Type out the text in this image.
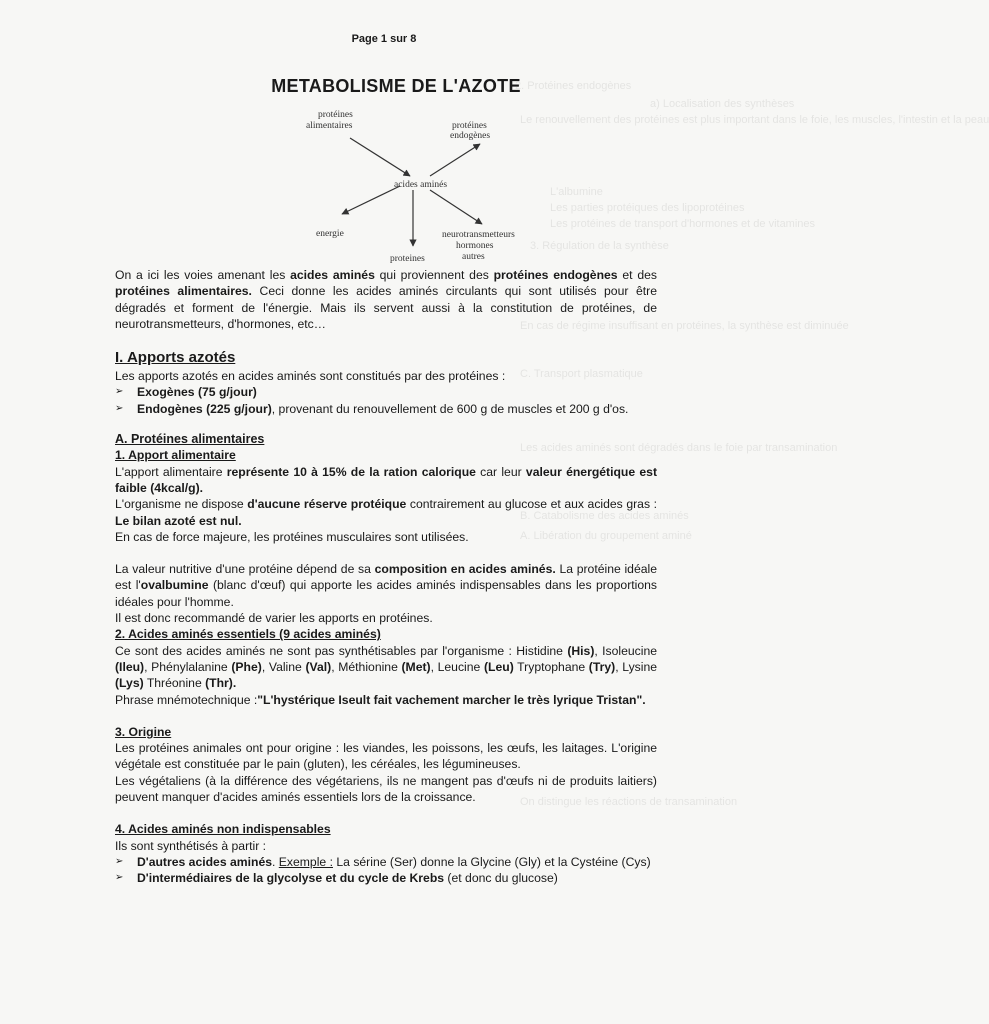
2. Protéines endogènes
a) Localisation des synthèses
Le renouvellement des protéines est plus important dans le foie, les muscles, l'intestin et la peau
L'albumine
Les parties protéiques des lipoprotéines
Les protéines de transport d'hormones et de vitamines
3. Régulation de la synthèse
En cas de régime insuffisant en protéines, la synthèse est diminuée
C. Transport plasmatique
Les acides aminés sont dégradés dans le foie par transamination
B. Catabolisme des acides aminés
A. Libération du groupement aminé
On distingue les réactions de transamination
Page 1 sur 8
METABOLISME DE L'AZOTE
protéines
alimentaires	protéines
endogènes
acides aminés
energie
proteines
neurotransmetteurs
hormones
autres

On a ici les voies amenant les acides aminés qui proviennent des protéines endogènes et des protéines alimentaires. Ceci donne les acides aminés circulants qui sont utilisés pour être dégradés et forment de l'énergie. Mais ils servent aussi à la constitution de protéines, de neurotransmetteurs, d'hormones, etc…

I. Apports azotés

Les apports azotés en acides aminés sont constitués par des protéines :

➢ Exogènes (75 g/jour)

➢ Endogènes (225 g/jour), provenant du renouvellement de 600 g de muscles et 200 g d'os.

A. Protéines alimentaires
1. Apport alimentaire

L'apport alimentaire représente 10 à 15% de la ration calorique car leur valeur énergétique est faible (4kcal/g).

L'organisme ne dispose d'aucune réserve protéique contrairement au glucose et aux acides gras : Le bilan azoté est nul.

En cas de force majeure, les protéines musculaires sont utilisées.

La valeur nutritive d'une protéine dépend de sa composition en acides aminés. La protéine idéale est l'ovalbumine (blanc d'œuf) qui apporte les acides aminés indispensables dans les proportions idéales pour l'homme.

Il est donc recommandé de varier les apports en protéines.

2. Acides aminés essentiels (9 acides aminés)

Ce sont des acides aminés ne sont pas synthétisables par l'organisme : Histidine (His), Isoleucine (Ileu), Phénylalanine (Phe), Valine (Val), Méthionine (Met), Leucine (Leu) Tryptophane (Try), Lysine (Lys) Thréonine (Thr).

Phrase mnémotechnique :"L'hystérique Iseult fait vachement marcher le très lyrique Tristan".

3. Origine

Les protéines animales ont pour origine : les viandes, les poissons, les œufs, les laitages. L'origine végétale est constituée par le pain (gluten), les céréales, les légumineuses.

Les végétaliens (à la différence des végétariens, ils ne mangent pas d'œufs ni de produits laitiers) peuvent manquer d'acides aminés essentiels lors de la croissance.

4. Acides aminés non indispensables

Ils sont synthétisés à partir :

➢ D'autres acides aminés. Exemple : La sérine (Ser) donne la Glycine (Gly) et la Cystéine (Cys)

➢ D'intermédiaires de la glycolyse et du cycle de Krebs (et donc du glucose)
